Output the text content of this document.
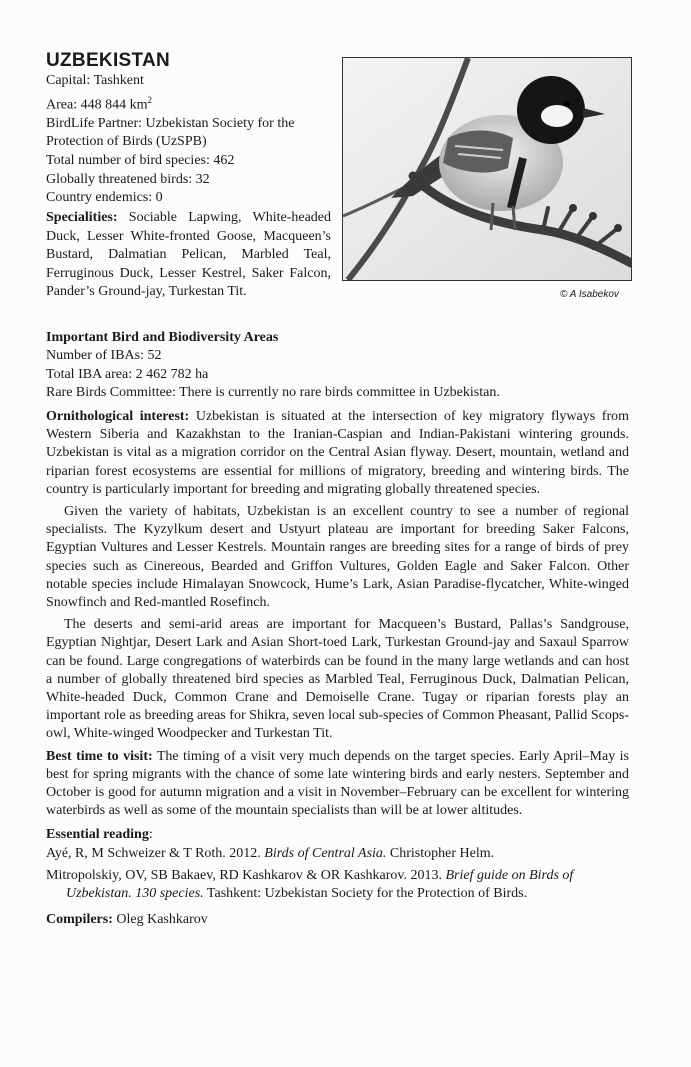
UZBEKISTAN
Capital: Tashkent
Area: 448 844 $km^2$
BirdLife Partner: Uzbekistan Society for the
Protection of Birds (UzSPB)
Total number of bird species: 462
Globally threatened birds: 32
Country endemics: 0
Specialities: Sociable Lapwing, White-headed Duck, Lesser White-fronted Goose, Macqueen’s Bustard, Dalmatian Pelican, Marbled Teal, Ferruginous Duck, Lesser Kestrel, Saker Falcon, Pander’s Ground-jay, Turkestan Tit.	© A Isabekov
Important Bird and Biodiversity Areas
Number of IBAs: 52
Total IBA area: 2 462 782 ha
Rare Birds Committee: There is currently no rare birds committee in Uzbekistan.

Ornithological interest: Uzbekistan is situated at the intersection of key migratory flyways from Western Siberia and Kazakhstan to the Iranian-Caspian and Indian-Pakistani wintering grounds. Uzbekistan is vital as a migration corridor on the Central Asian flyway. Desert, mountain, wetland and riparian forest ecosystems are essential for millions of migratory, breeding and wintering birds. The country is particularly important for breeding and migrating globally threatened species.

Given the variety of habitats, Uzbekistan is an excellent country to see a number of regional specialists. The Kyzylkum desert and Ustyurt plateau are important for breeding Saker Falcons, Egyptian Vultures and Lesser Kestrels. Mountain ranges are breeding sites for a range of birds of prey species such as Cinereous, Bearded and Griffon Vultures, Golden Eagle and Saker Falcon. Other notable species include Himalayan Snowcock, Hume’s Lark, Asian Paradise-flycatcher, White-winged Snowfinch and Red-mantled Rosefinch.

The deserts and semi-arid areas are important for Macqueen’s Bustard, Pallas’s Sandgrouse, Egyptian Nightjar, Desert Lark and Asian Short-toed Lark, Turkestan Ground-jay and Saxaul Sparrow can be found. Large congregations of waterbirds can be found in the many large wetlands and can host a number of globally threatened bird species as Marbled Teal, Ferruginous Duck, Dalmatian Pelican, White-headed Duck, Common Crane and Demoiselle Crane. Tugay or riparian forests play an important role as breeding areas for Shikra, seven local sub-species of Common Pheasant, Pallid Scops-owl, White-winged Woodpecker and Turkestan Tit.

Best time to visit: The timing of a visit very much depends on the target species. Early April–May is best for spring migrants with the chance of some late wintering birds and early nesters. September and October is good for autumn migration and a visit in November–February can be excellent for wintering waterbirds as well as some of the mountain specialists than will be at lower altitudes.

Essential reading:

Ayé, R, M Schweizer & T Roth. 2012. Birds of Central Asia. Christopher Helm.

Mitropolskiy, OV, SB Bakaev, RD Kashkarov & OR Kashkarov. 2013. Brief guide on Birds of Uzbekistan. 130 species. Tashkent: Uzbekistan Society for the Protection of Birds.

Compilers: Oleg Kashkarov
